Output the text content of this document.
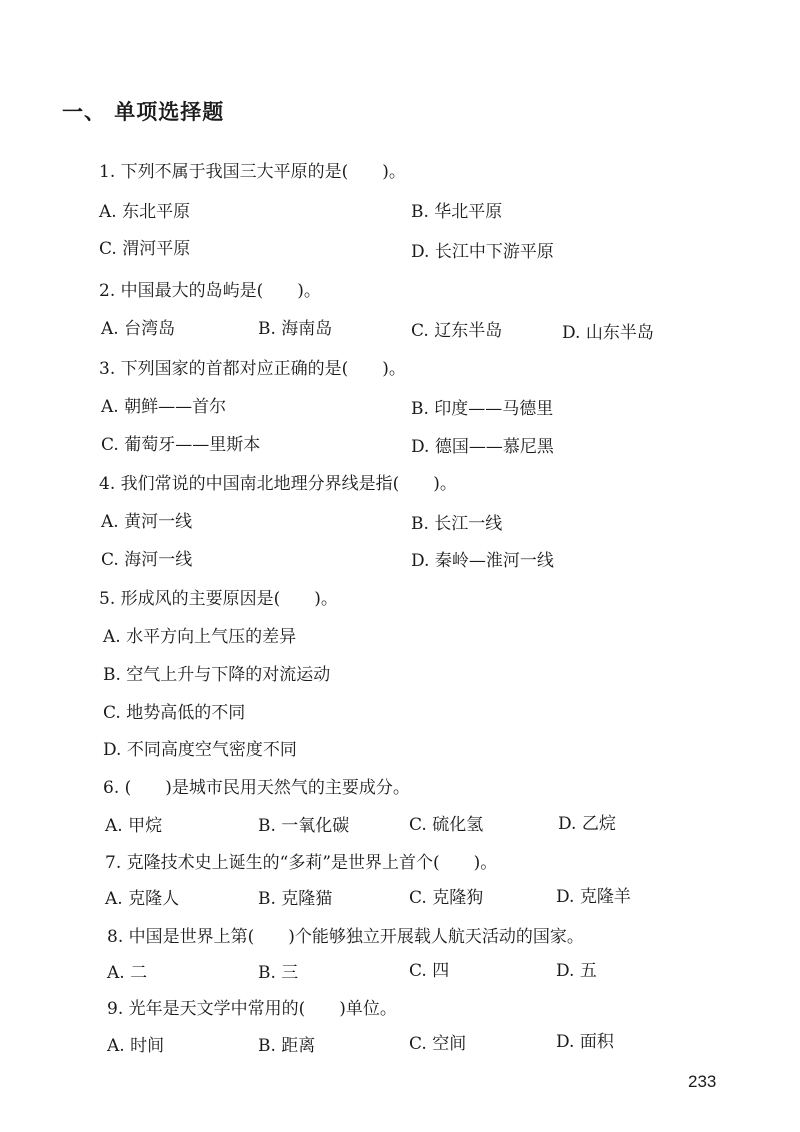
一、 单项选择题
1. 下列不属于我国三大平原的是(　　)。
A. 东北平原	B. 华北平原
C. 渭河平原	D. 长江中下游平原
2. 中国最大的岛屿是(　　)。
A. 台湾岛	B. 海南岛	C. 辽东半岛	D. 山东半岛
3. 下列国家的首都对应正确的是(　　)。
A. 朝鲜——首尔	B. 印度——马德里
C. 葡萄牙——里斯本	D. 德国——慕尼黑
4. 我们常说的中国南北地理分界线是指(　　)。
A. 黄河一线	B. 长江一线
C. 海河一线	D. 秦岭—淮河一线
5. 形成风的主要原因是(　　)。
A. 水平方向上气压的差异
B. 空气上升与下降的对流运动
C. 地势高低的不同
D. 不同高度空气密度不同
6. (　　)是城市民用天然气的主要成分。
A. 甲烷	B. 一氧化碳	C. 硫化氢	D. 乙烷
7. 克隆技术史上诞生的“多莉”是世界上首个(　　)。
A. 克隆人	B. 克隆猫	C. 克隆狗	D. 克隆羊
8. 中国是世界上第(　　)个能够独立开展载人航天活动的国家。
A. 二	B. 三	C. 四	D. 五
9. 光年是天文学中常用的(　　)单位。
A. 时间	B. 距离	C. 空间	D. 面积
233
